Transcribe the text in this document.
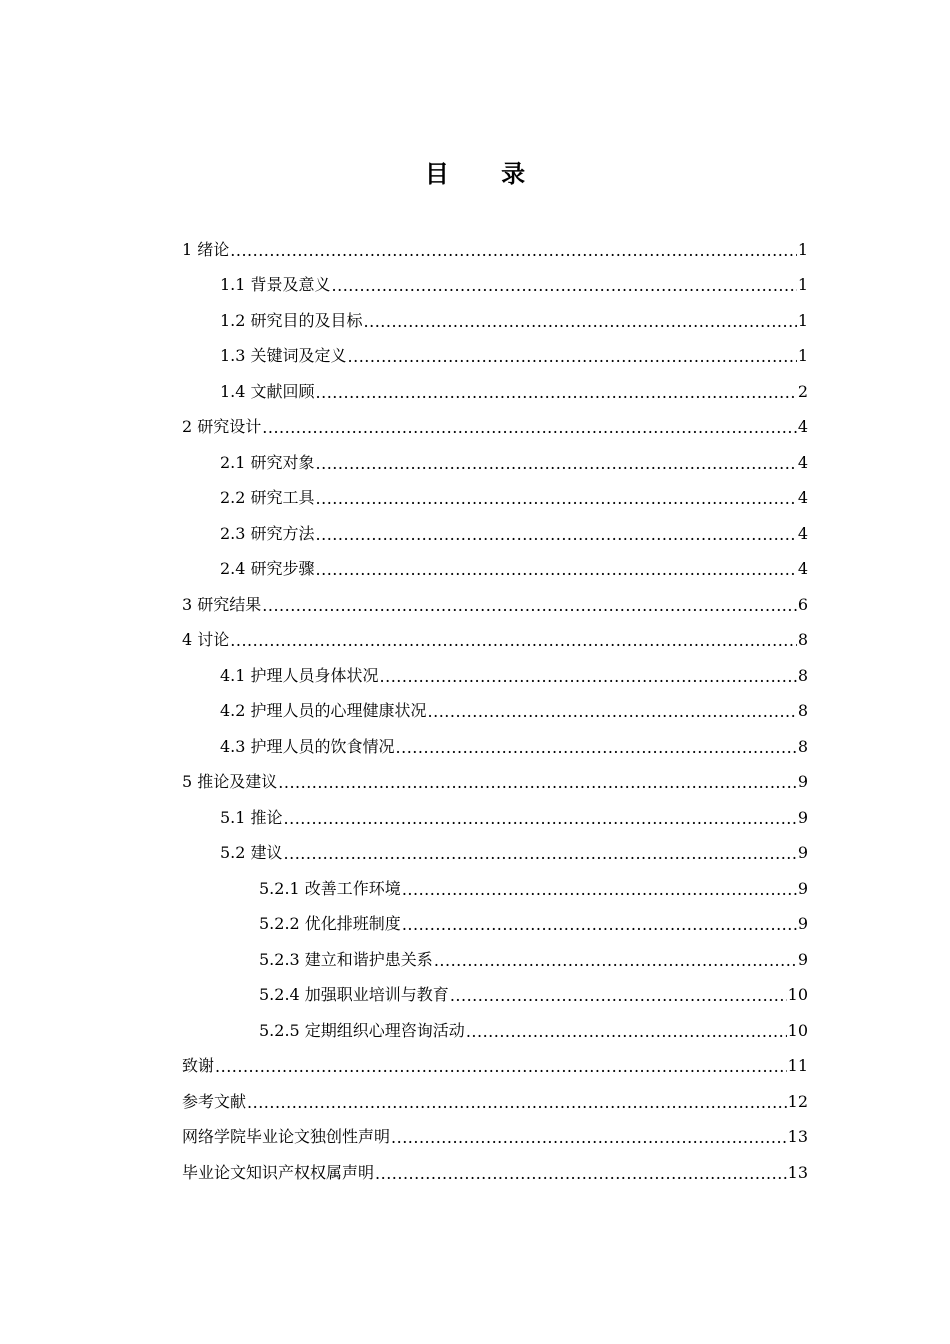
目 录
1 绪论 .....	1
1.1 背景及意义 .....	1
1.2 研究目的及目标 .....	1
1.3 关键词及定义 .....	1
1.4 文献回顾 .....	2
2 研究设计 .....	4
2.1 研究对象 .....	4
2.2 研究工具 .....	4
2.3 研究方法 .....	4
2.4 研究步骤 .....	4
3 研究结果 .....	6
4 讨论 .....	8
4.1 护理人员身体状况 .....	8
4.2 护理人员的心理健康状况 .....	8
4.3 护理人员的饮食情况 .....	8
5 推论及建议 .....	9
5.1 推论 .....	9
5.2 建议 .....	9
5.2.1 改善工作环境 .....	9
5.2.2 优化排班制度 .....	9
5.2.3 建立和谐护患关系 .....	9
5.2.4 加强职业培训与教育 .....	10
5.2.5 定期组织心理咨询活动 .....	10
致谢 .....	11
参考文献 .....	12
网络学院毕业论文独创性声明 .....	13
毕业论文知识产权权属声明 .....	13
